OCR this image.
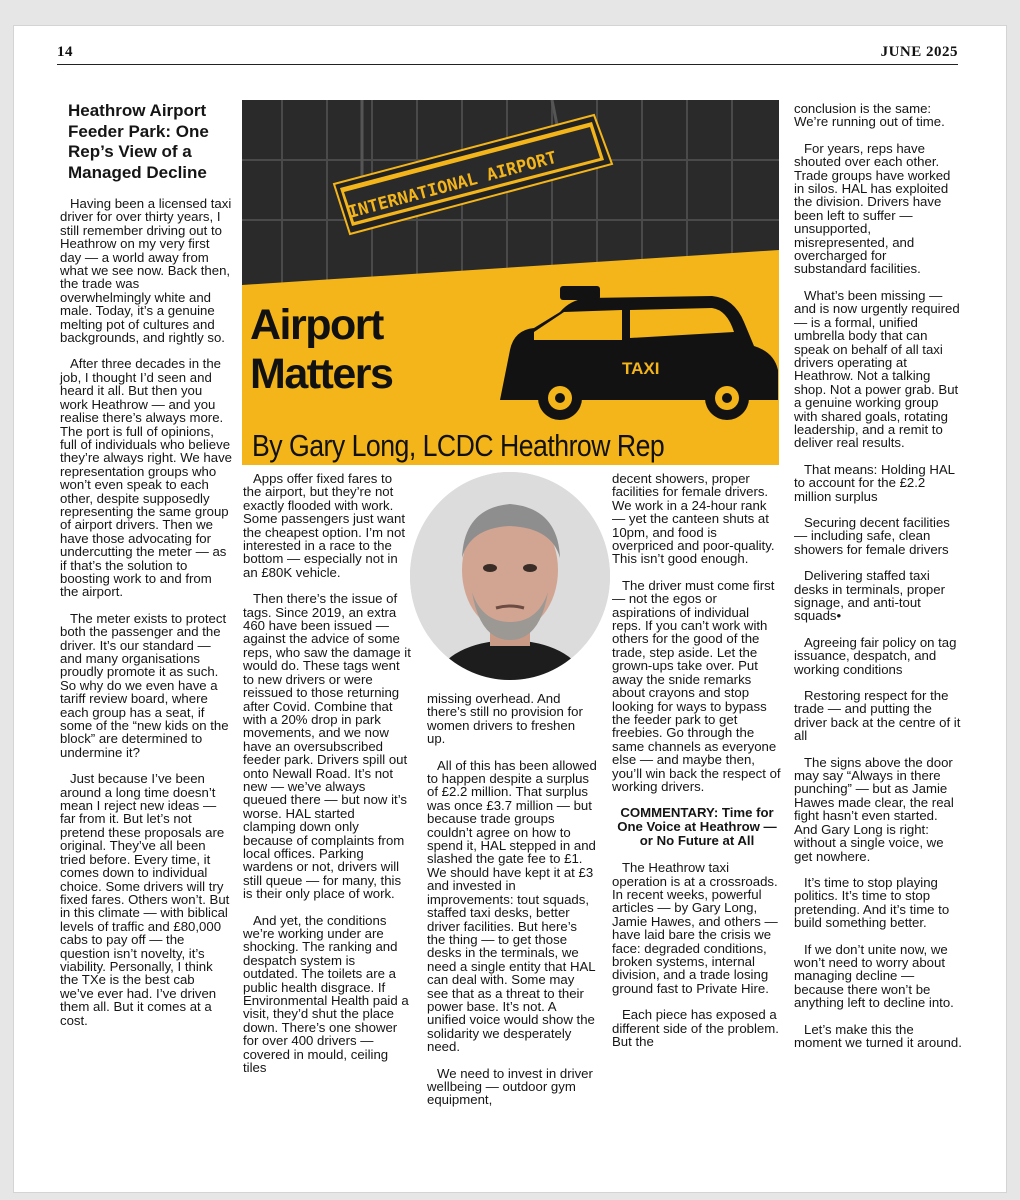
14	JUNE 2025
Heathrow Airport Feeder Park: One Rep’s View of a Managed Decline

Having been a licensed taxi driver for over thirty years, I still remember driving out to Heathrow on my very first day — a world away from what we see now. Back then, the trade was overwhelmingly white and male. Today, it’s a genuine melting pot of cultures and backgrounds, and rightly so.

After three decades in the job, I thought I’d seen and heard it all. But then you work Heathrow — and you realise there’s always more. The port is full of opinions, full of individuals who believe they’re always right. We have representation groups who won’t even speak to each other, despite supposedly representing the same group of airport drivers. Then we have those advocating for undercutting the meter — as if that’s the solution to boosting work to and from the airport.

The meter exists to protect both the passenger and the driver. It’s our standard — and many organisations proudly promote it as such. So why do we even have a tariff review board, where each group has a seat, if some of the “new kids on the block” are determined to undermine it?

Just because I’ve been around a long time doesn’t mean I reject new ideas — far from it. But let’s not pretend these proposals are original. They’ve all been tried before. Every time, it comes down to individual choice. Some drivers will try fixed fares. Others won’t. But in this climate — with biblical levels of traffic and £80,000 cabs to pay off — the question isn’t novelty, it’s viability. Personally, I think the TXe is the best cab we’ve ever had. I’ve driven them all. But it comes at a cost.

INTERNATIONAL AIRPORT
TAXI
Airport
Matters
By Gary Long, LCDC Heathrow Rep

Apps offer fixed fares to the airport, but they’re not exactly flooded with work. Some passengers just want the cheapest option. I’m not interested in a race to the bottom — especially not in an £80K vehicle.

Then there’s the issue of tags. Since 2019, an extra 460 have been issued — against the advice of some reps, who saw the damage it would do. These tags went to new drivers or were reissued to those returning after Covid. Combine that with a 20% drop in park movements, and we now have an oversubscribed feeder park. Drivers spill out onto Newall Road. It’s not new — we’ve always queued there — but now it’s worse. HAL started clamping down only because of complaints from local offices. Parking wardens or not, drivers will still queue — for many, this is their only place of work.

And yet, the conditions we’re working under are shocking. The ranking and despatch system is outdated. The toilets are a public health disgrace. If Environmental Health paid a visit, they’d shut the place down. There’s one shower for over 400 drivers — covered in mould, ceiling tiles

missing overhead. And there’s still no provision for women drivers to freshen up.

All of this has been allowed to happen despite a surplus of £2.2 million. That surplus was once £3.7 million — but because trade groups couldn’t agree on how to spend it, HAL stepped in and slashed the gate fee to £1. We should have kept it at £3 and invested in improvements: tout squads, staffed taxi desks, better driver facilities. But here’s the thing — to get those desks in the terminals, we need a single entity that HAL can deal with. Some may see that as a threat to their power base. It’s not. A unified voice would show the solidarity we desperately need.

We need to invest in driver wellbeing — outdoor gym equipment,

decent showers, proper facilities for female drivers. We work in a 24-hour rank — yet the canteen shuts at 10pm, and food is overpriced and poor-quality. This isn’t good enough.

The driver must come first — not the egos or aspirations of individual reps. If you can’t work with others for the good of the trade, step aside. Let the grown-ups take over. Put away the snide remarks about crayons and stop looking for ways to bypass the feeder park to get freebies. Go through the same channels as everyone else — and maybe then, you’ll win back the respect of working drivers.

COMMENTARY: Time for One Voice at Heathrow — or No Future at All

The Heathrow taxi operation is at a crossroads. In recent weeks, powerful articles — by Gary Long, Jamie Hawes, and others — have laid bare the crisis we face: degraded conditions, broken systems, internal division, and a trade losing ground fast to Private Hire.

Each piece has exposed a different side of the problem. But the

conclusion is the same: We’re running out of time.

For years, reps have shouted over each other. Trade groups have worked in silos. HAL has exploited the division. Drivers have been left to suffer — unsupported, misrepresented, and overcharged for substandard facilities.

What’s been missing — and is now urgently required — is a formal, unified umbrella body that can speak on behalf of all taxi drivers operating at Heathrow. Not a talking shop. Not a power grab. But a genuine working group with shared goals, rotating leadership, and a remit to deliver real results.

That means: Holding HAL to account for the £2.2 million surplus

Securing decent facilities — including safe, clean showers for female drivers

Delivering staffed taxi desks in terminals, proper signage, and anti-tout squads•

Agreeing fair policy on tag issuance, despatch, and working conditions

Restoring respect for the trade — and putting the driver back at the centre of it all

The signs above the door may say “Always in there punching” — but as Jamie Hawes made clear, the real fight hasn’t even started. And Gary Long is right: without a single voice, we get nowhere.

It’s time to stop playing politics. It’s time to stop pretending. And it’s time to build something better.

If we don’t unite now, we won’t need to worry about managing decline — because there won’t be anything left to decline into.

Let’s make this the moment we turned it around.
